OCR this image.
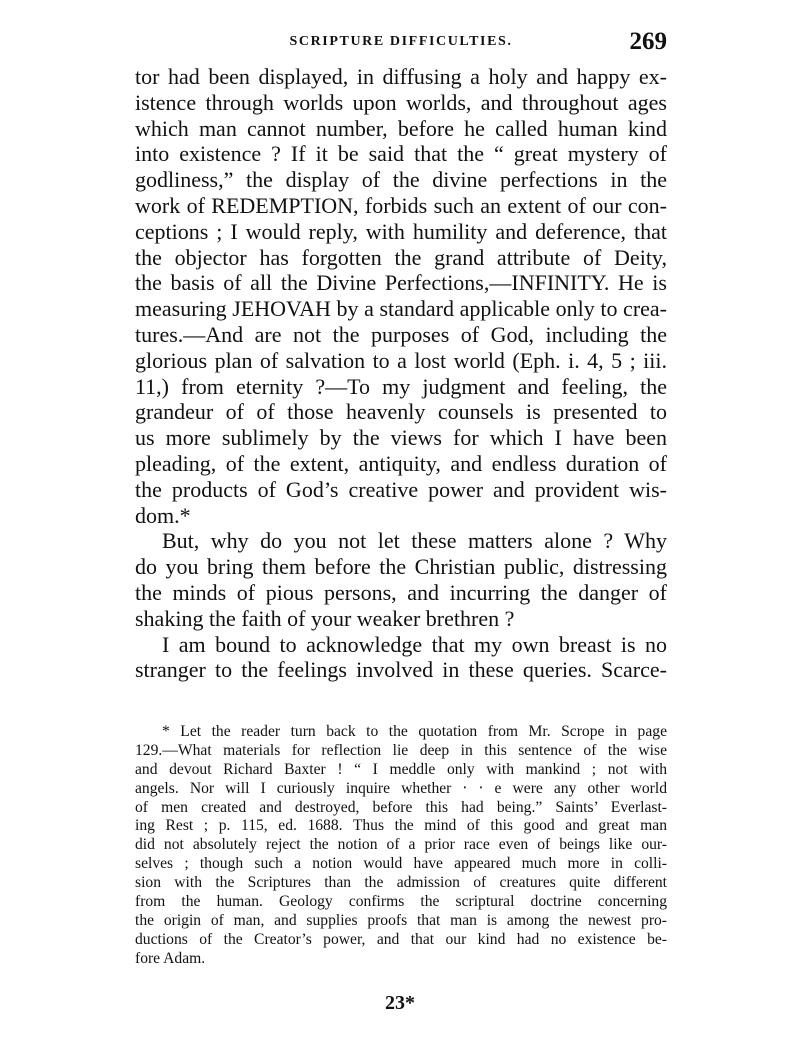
SCRIPTURE DIFFICULTIES.	269
tor had been displayed, in diffusing a holy and happy ex-
istence through worlds upon worlds, and throughout ages
which man cannot number, before he called human kind
into existence ? If it be said that the “ great mystery of
godliness,” the display of the divine perfections in the
work of REDEMPTION, forbids such an extent of our con-
ceptions ; I would reply, with humility and deference, that
the objector has forgotten the grand attribute of Deity,
the basis of all the Divine Perfections,—INFINITY. He is
measuring JEHOVAH by a standard applicable only to crea-
tures.—And are not the purposes of God, including the
glorious plan of salvation to a lost world (Eph. i. 4, 5 ; iii.
11,) from eternity ?—To my judgment and feeling, the
grandeur of of those heavenly counsels is presented to
us more sublimely by the views for which I have been
pleading, of the extent, antiquity, and endless duration of
the products of God’s creative power and provident wis-
dom.*
But, why do you not let these matters alone ? Why
do you bring them before the Christian public, distressing
the minds of pious persons, and incurring the danger of
shaking the faith of your weaker brethren ?
I am bound to acknowledge that my own breast is no
stranger to the feelings involved in these queries. Scarce-
* Let the reader turn back to the quotation from Mr. Scrope in page
129.—What materials for reflection lie deep in this sentence of the wise
and devout Richard Baxter ! “ I meddle only with mankind ; not with
angels. Nor will I curiously inquire whether ‧ ‧ e were any other world
of men created and destroyed, before this had being.” Saints’ Everlast-
ing Rest ; p. 115, ed. 1688. Thus the mind of this good and great man
did not absolutely reject the notion of a prior race even of beings like our-
selves ; though such a notion would have appeared much more in colli-
sion with the Scriptures than the admission of creatures quite different
from the human. Geology confirms the scriptural doctrine concerning
the origin of man, and supplies proofs that man is among the newest pro-
ductions of the Creator’s power, and that our kind had no existence be-
fore Adam.
23*
